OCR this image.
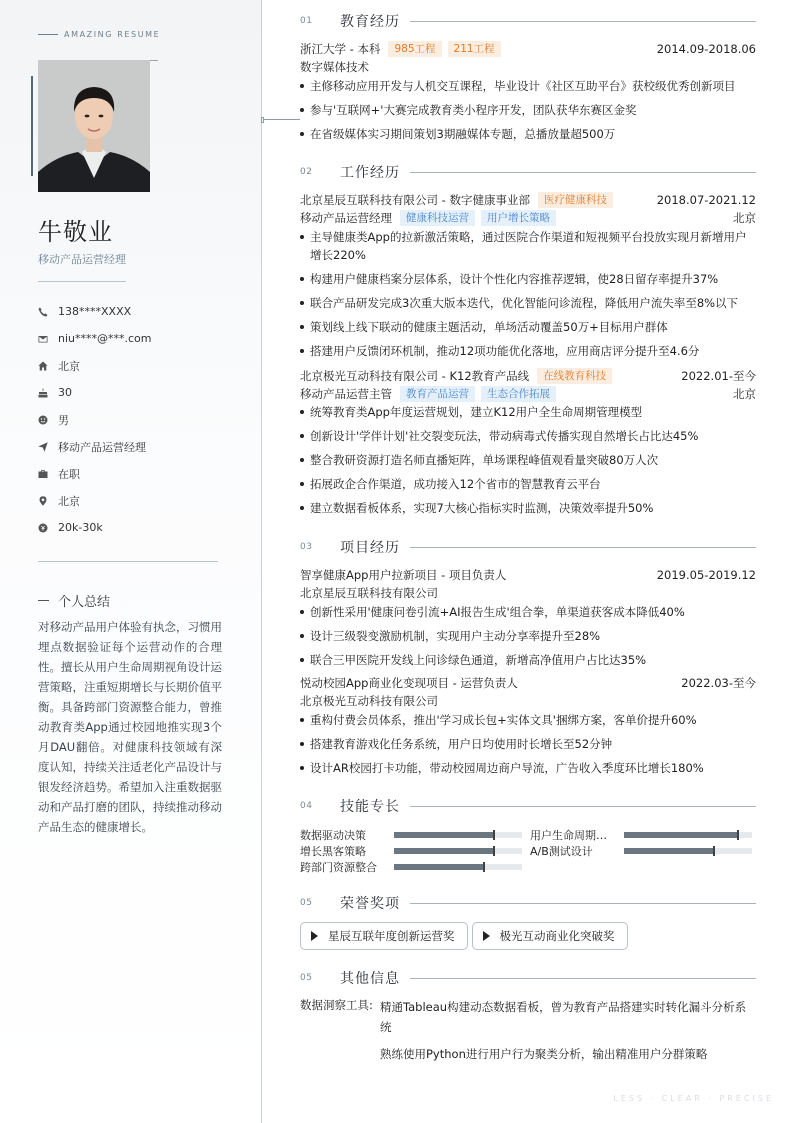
AMAZING RESUME
牛敬业
移动产品运营经理
138****XXXX
niu****@***.com
北京
30
男
移动产品运营经理
在职
北京
20k-30k
个人总结

对移动产品用户体验有执念，习惯用埋点数据验证每个运营动作的合理性。擅长从用户生命周期视角设计运营策略，注重短期增长与长期价值平衡。具备跨部门资源整合能力，曾推动教育类App通过校园地推实现3个月DAU翻倍。对健康科技领域有深度认知，持续关注适老化产品设计与银发经济趋势。希望加入注重数据驱动和产品打磨的团队，持续推动移动产品生态的健康增长。

01	教育经历
浙江大学 - 本科	985工程	211工程	2014.09-2018.06
数字媒体技术
主修移动应用开发与人机交互课程，毕业设计《社区互助平台》获校级优秀创新项目
参与'互联网+'大赛完成教育类小程序开发，团队获华东赛区金奖
在省级媒体实习期间策划3期融媒体专题，总播放量超500万
02	工作经历
北京星辰互联科技有限公司 - 数字健康事业部	医疗健康科技	2018.07-2021.12
移动产品运营经理	健康科技运营	用户增长策略	北京
主导健康类App的拉新激活策略，通过医院合作渠道和短视频平台投放实现月新增用户增长220%
构建用户健康档案分层体系，设计个性化内容推荐逻辑，使28日留存率提升37%
联合产品研发完成3次重大版本迭代，优化智能问诊流程，降低用户流失率至8%以下
策划线上线下联动的健康主题活动，单场活动覆盖50万+目标用户群体
搭建用户反馈闭环机制，推动12项功能优化落地，应用商店评分提升至4.6分
北京极光互动科技有限公司 - K12教育产品线	在线教育科技	2022.01-至今
移动产品运营主管	教育产品运营	生态合作拓展	北京
统筹教育类App年度运营规划，建立K12用户全生命周期管理模型
创新设计'学伴计划'社交裂变玩法，带动病毒式传播实现自然增长占比达45%
整合教研资源打造名师直播矩阵，单场课程峰值观看量突破80万人次
拓展政企合作渠道，成功接入12个省市的智慧教育云平台
建立数据看板体系，实现7大核心指标实时监测，决策效率提升50%
03	项目经历
智享健康App用户拉新项目 - 项目负责人	2019.05-2019.12
北京星辰互联科技有限公司
创新性采用'健康问卷引流+AI报告生成'组合拳，单渠道获客成本降低40%
设计三级裂变激励机制，实现用户主动分享率提升至28%
联合三甲医院开发线上问诊绿色通道，新增高净值用户占比达35%
悦动校园App商业化变现项目 - 运营负责人	2022.03-至今
北京极光互动科技有限公司
重构付费会员体系，推出'学习成长包+实体文具'捆绑方案，客单价提升60%
搭建教育游戏化任务系统，用户日均使用时长增长至52分钟
设计AR校园打卡功能，带动校园周边商户导流，广告收入季度环比增长180%
04	技能专长
数据驱动决策	用户生命周期…
增长黑客策略	A/B测试设计
跨部门资源整合
05	荣誉奖项
星辰互联年度创新运营奖	极光互动商业化突破奖
05	其他信息
数据洞察工具: 精通Tableau构建动态数据看板，曾为教育产品搭建实时转化漏斗分析系统
熟练使用Python进行用户行为聚类分析，输出精准用户分群策略
LESS · CLEAR · PRECISE
